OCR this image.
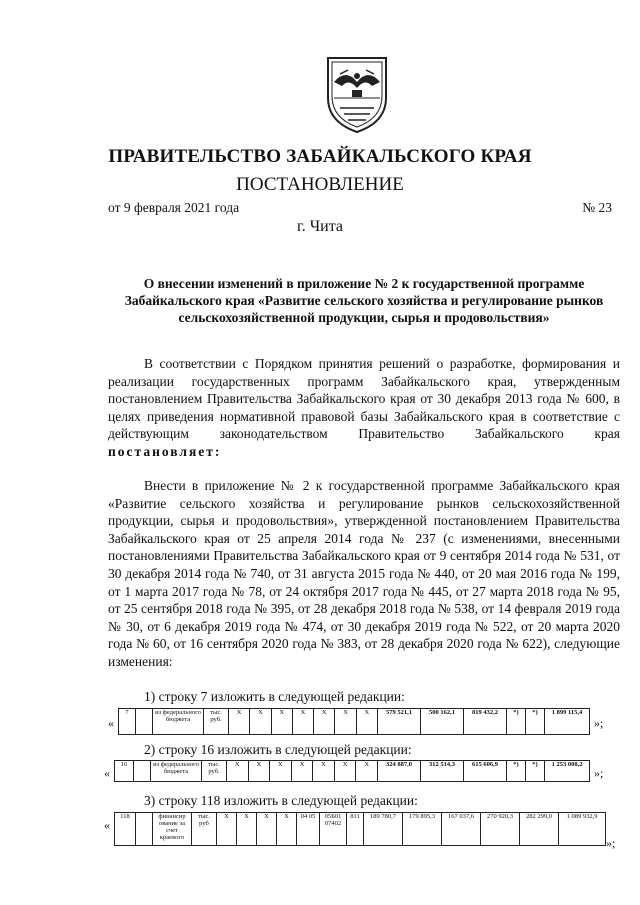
ПРАВИТЕЛЬСТВО ЗАБАЙКАЛЬСКОГО КРАЯ
ПОСТАНОВЛЕНИЕ
от 9 февраля 2021 года	№ 23
г. Чита
О внесении изменений в приложение № 2 к государственной программе Забайкальского края «Развитие сельского хозяйства и регулирование рынков сельскохозяйственной продукции, сырья и продовольствия»
В соответствии с Порядком принятия решений о разработке, формирования и реализации государственных программ Забайкальского края, утвержденным постановлением Правительства Забайкальского края от 30 декабря 2013 года № 600, в целях приведения нормативной правовой базы Забайкальского края в соответствие с действующим законодательством Правительство Забайкальского края постановляет:
Внести в приложение № 2 к государственной программе Забайкальского края «Развитие сельского хозяйства и регулирование рынков сельскохозяйственной продукции, сырья и продовольствия», утвержденной постановлением Правительства Забайкальского края от 25 апреля 2014 года № 237 (с изменениями, внесенными постановлениями Правительства Забайкальского края от 9 сентября 2014 года № 531, от 30 декабря 2014 года № 740, от 31 августа 2015 года № 440, от 20 мая 2016 года № 199, от 1 марта 2017 года № 78, от 24 октября 2017 года № 445, от 27 марта 2018 года № 95, от 25 сентября 2018 года № 395, от 28 декабря 2018 года № 538, от 14 февраля 2019 года № 30, от 6 декабря 2019 года № 474, от 30 декабря 2019 года № 522, от 20 марта 2020 года № 60, от 16 сентября 2020 года № 383, от 28 декабря 2020 года № 622), следующие изменения:
1) строку 7 изложить в следующей редакции:
«
7		из федерального бюджета	тыс. руб.	X	X	X	X	X	X	X	579 521,1	500 162,1	819 432,2	*)	*)	1 899 115,4
»;
2) строку 16 изложить в следующей редакции:
«
16		из федерального бюджета	тыс. руб.	X	X	X	X	X	X	X	324 887,0	312 514,3	615 606,9	*)	*)	1 253 008,2
»;
3) строку 118 изложить в следующей редакции:
«
118		финансир ование за счет краевого	тыс. руб	X	X	X	X	04 05	05Б01 07402	811	189 780,7	179 895,3	167 037,6	270 920,3	282 299,0	1 089 932,9
»;
